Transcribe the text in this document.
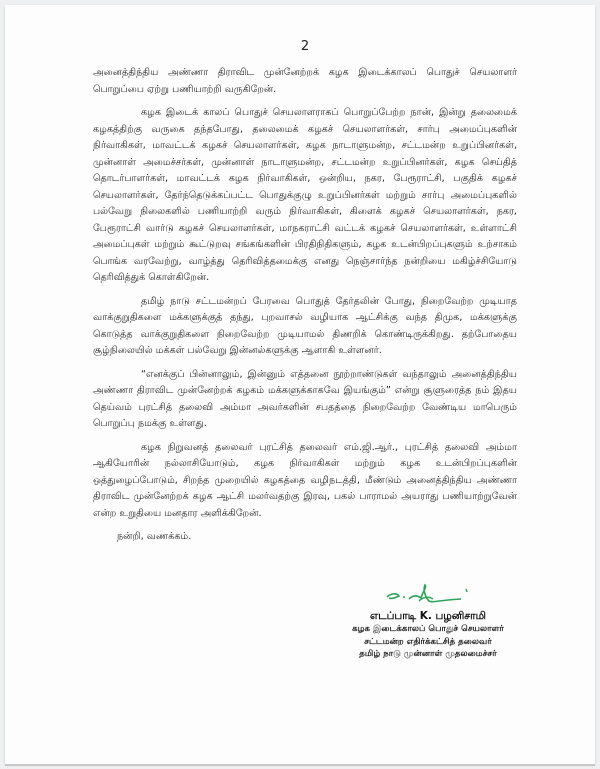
2

அனைத்திந்திய அண்ணா திராவிட முன்னேற்றக் கழக இடைக்காலப் பொதுச் செயலாளர் பொறுப்பை ஏற்று பணியாற்றி வருகிறேன்.

கழக இடைக் காலப் பொதுச் செயலாளராகப் பொறுப்பேற்ற நான், இன்று தலைமைக் கழகத்திற்கு வருகை தந்தபோது, தலைமைக் கழகச் செயலாளர்கள், சார்பு அமைப்புகளின் நிர்வாகிகள், மாவட்டக் கழகச் செயலாளர்கள், கழக நாடாளுமன்ற, சட்டமன்ற உறுப்பினர்கள், முன்னாள் அமைச்சர்கள், முன்னாள் நாடாளுமன்ற, சட்டமன்ற உறுப்பினர்கள், கழக செய்தித் தொடர்பாளர்கள், மாவட்டக் கழக நிர்வாகிகள், ஒன்றிய, நகர, பேரூராட்சி, பகுதிக் கழகச் செயலாளர்கள், தேர்ந்தெடுக்கப்பட்ட பொதுக்குழு உறுப்பினர்கள் மற்றும் சார்பு அமைப்புகளில் பல்வேறு நிலைகளில் பணியாற்றி வரும் நிர்வாகிகள், கிளைக் கழகச் செயலாளர்கள், நகர, பேரூராட்சி வார்டு கழகச் செயலாளர்கள், மாநகராட்சி வட்டக் கழகச் செயலாளர்கள், உள்ளாட்சி அமைப்புகள் மற்றும் கூட்டுறவு சங்கங்களின் பிரதிநிதிகளும், கழக உடன்பிறப்புகளும் உற்சாகம் பொங்க வரவேற்று, வாழ்த்து தெரிவித்தமைக்கு எனது நெஞ்சார்ந்த நன்றியை மகிழ்ச்சியோடு தெரிவித்துக் கொள்கிறேன்.

தமிழ் நாடு சட்டமன்றப் பேரவை பொதுத் தேர்தலின் போது, நிறைவேற்ற முடியாத வாக்குறுதிகளை மக்களுக்குத் தந்து, புறவாசல் வழியாக ஆட்சிக்கு வந்த திமுக, மக்களுக்கு கொடுத்த வாக்குறுதிகளை நிறைவேற்ற முடியாமல் திணறிக் கொண்டிருக்கிறது. தற்போதைய சூழ்நிலையில் மக்கள் பல்வேறு இன்னல்களுக்கு ஆளாகி உள்ளனர்.

“எனக்குப் பின்னாலும், இன்னும் எத்தனை நூற்றாண்டுகள் வந்தாலும் அனைத்திந்திய அண்ணா திராவிட முன்னேற்றக் கழகம் மக்களுக்காகவே இயங்கும்” என்று சூளுரைத்த நம் இதய தெய்வம் புரட்சித் தலைவி அம்மா அவர்களின் சபதத்தை நிறைவேற்ற வேண்டிய மாபெரும் பொறுப்பு நமக்கு உள்ளது.

கழக நிறுவனத் தலைவர் புரட்சித் தலைவர் எம்.ஜி.ஆர்., புரட்சித் தலைவி அம்மா ஆகியோரின் நல்லாசியோடும், கழக நிர்வாகிகள் மற்றும் கழக உடன்பிறப்புகளின் ஒத்துழைப்போடும், சிறந்த முறையில் கழகத்தை வழிநடத்தி, மீண்டும் அனைத்திந்திய அண்ணா திராவிட முன்னேற்றக் கழக ஆட்சி மலர்வதற்கு இரவு, பகல் பாராமல் அயராது பணியாற்றுவேன் என்ற உறுதியை மனதார அளிக்கிறேன்.

நன்றி, வணக்கம்.

எடப்பாடி K. பழனிசாமி
கழக இடைக்காலப் பொதுச் செயலாளர்
சட்டமன்ற எதிர்க்கட்சித் தலைவர்
தமிழ் நாடு முன்னாள் முதலமைச்சர்
